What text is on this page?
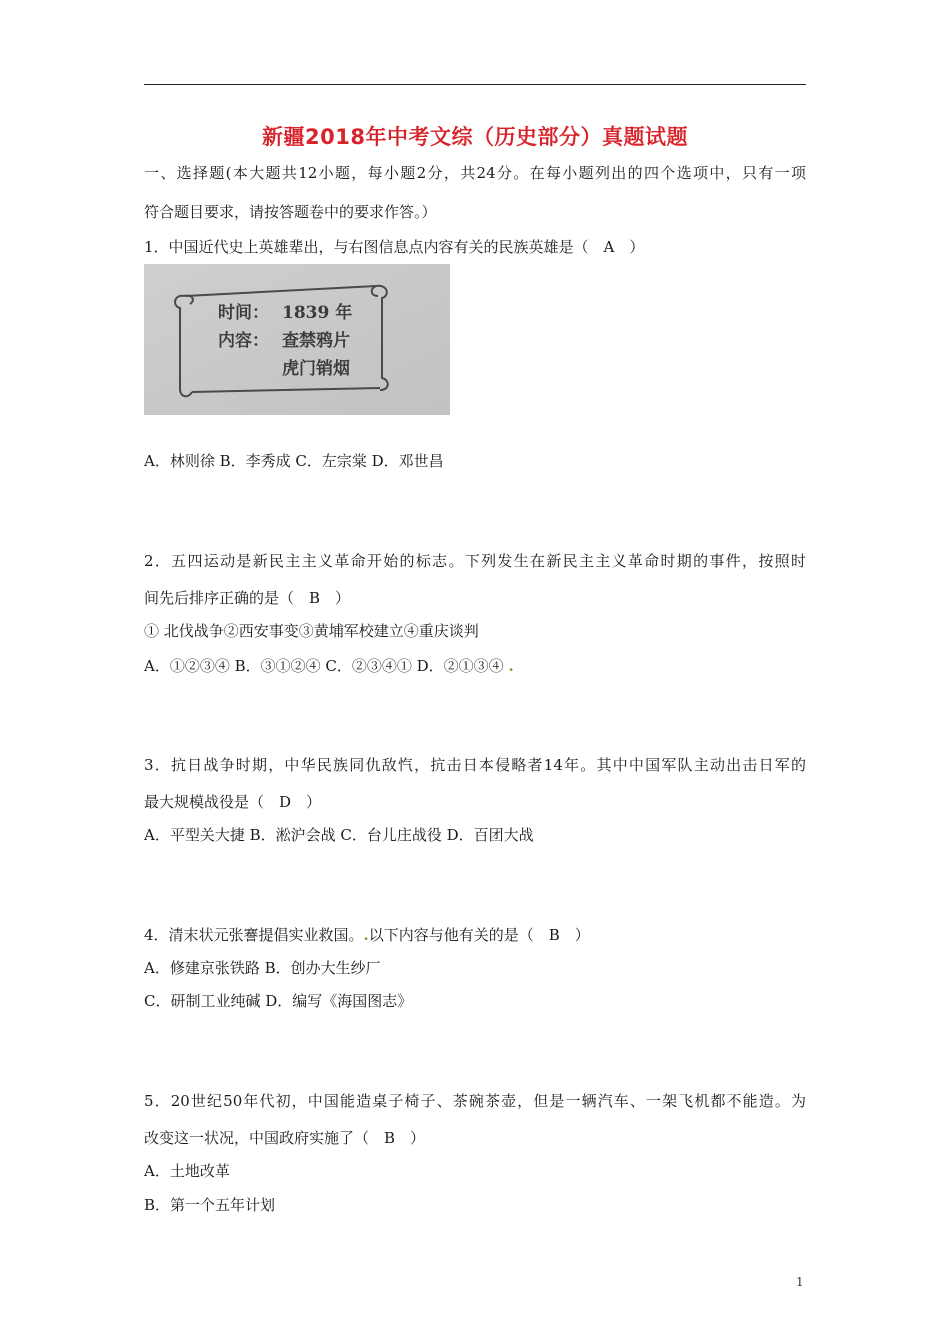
新疆2018年中考文综（历史部分）真题试题
一、选择题(本大题共12小题，每小题2分，共24分。在每小题列出的四个选项中，只有一项
符合题目要求，请按答题卷中的要求作答。）
1．中国近代史上英雄辈出，与右图信息点内容有关的民族英雄是（　A　）
时间： 1839 年
内容： 查禁鸦片
虎门销烟
A．林则徐 B．李秀成 C．左宗棠 D．邓世昌
2．五四运动是新民主主义革命开始的标志。下列发生在新民主主义革命时期的事件，按照时
间先后排序正确的是（　B　）
① 北伐战争②西安事变③黄埔军校建立④重庆谈判
A．①②③④ B．③①②④ C．②③④① D．②①③④ .
3．抗日战争时期，中华民族同仇敌忾，抗击日本侵略者14年。其中中国军队主动出击日军的
最大规模战役是（　D　）
A．平型关大捷 B．淞沪会战 C．台儿庄战役 D．百团大战
4．清末状元张謇提倡实业救国。.以下内容与他有关的是（　B　）
A．修建京张铁路 B．创办大生纱厂
C．研制工业纯碱 D．编写《海国图志》
5．20世纪50年代初，中国能造桌子椅子、茶碗茶壶，但是一辆汽车、一架飞机都不能造。为
改变这一状况，中国政府实施了（　B　）
A．土地改革
B．第一个五年计划
1
